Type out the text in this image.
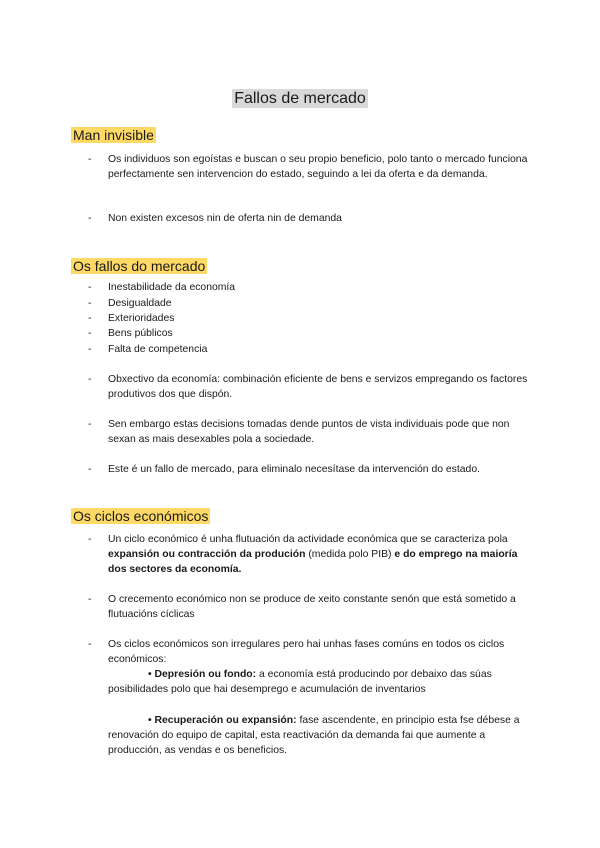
Fallos de mercado
Man invisible
-	Os individuos son egoístas e buscan o seu propio beneficio, polo tanto o mercado funciona perfectamente sen intervencion do estado, seguindo a lei da oferta e da demanda.
-	Non existen excesos nin de oferta nin de demanda
Os fallos do mercado
-	Inestabilidade da economía
-	Desigualdade
-	Exterioridades
-	Bens públicos
-	Falta de competencia
-	Obxectivo da economía: combinación eficiente de bens e servizos empregando os factores produtivos dos que dispón.
-	Sen embargo estas decisions tomadas dende puntos de vista individuais pode que non sexan as mais desexables pola a sociedade.
-	Este é un fallo de mercado, para eliminalo necesítase da intervención do estado.
Os ciclos económicos
-	Un ciclo económico é unha flutuación da actividade económica que se caracteriza pola expansión ou contracción da produción (medida polo PIB) e do emprego na maioría dos sectores da economía.
-	O crecemento económico non se produce de xeito constante senón que está sometido a flutuacións cíclicas
-	Os ciclos económicos son irregulares pero hai unhas fases comúns en todos os ciclos económicos:
• Depresión ou fondo: a economía está producindo por debaixo das súas posibilidades polo que hai desemprego e acumulación de inventarios
• Recuperación ou expansión: fase ascendente, en principio esta fse débese a renovación do equipo de capital, esta reactivación da demanda fai que aumente a producción, as vendas e os beneficios.
